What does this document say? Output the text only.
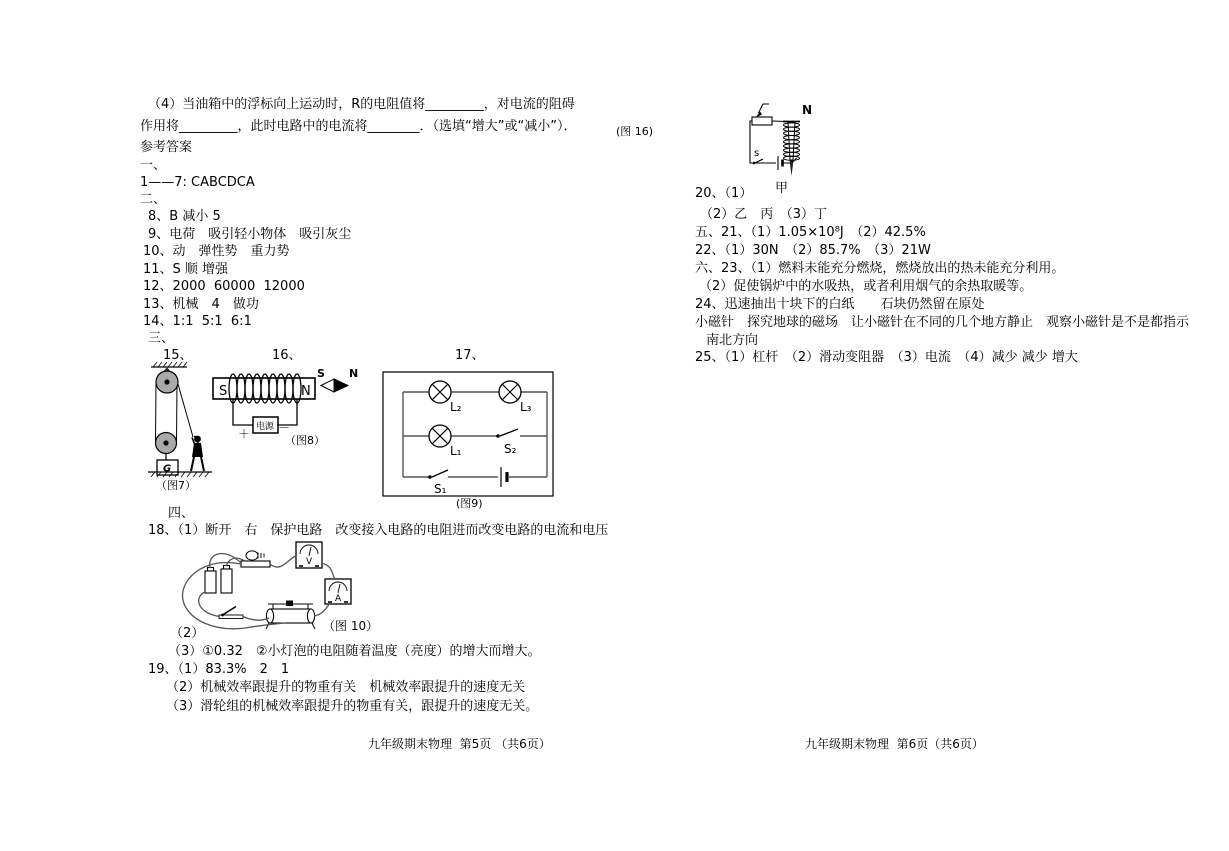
（4）当油箱中的浮标向上运动时，R的电阻值将_________，对电流的阻碍
作用将_________，此时电路中的电流将________．（选填“增大”或“减小”）．	(图 16)
参考答案
一、
1——7: CABCDCA
二、
8、B 减小 5
9、电荷　吸引轻小物体　吸引灰尘
10、动　弹性势　重力势
11、S 顺 增强
12、2000  60000  12000
13、机械　4　做功
14、1:1  5:1  6:1
三、
15、	16、	17、
四、
18、（1）断开　右　保护电路　改变接入电路的电阻进而改变电路的电流和电压
（2）
（3）①0.32　②小灯泡的电阻随着温度（亮度）的增大而增大。
19、（1）83.3%　2　1
（2）机械效率跟提升的物重有关　机械效率跟提升的速度无关
（3）滑轮组的机械效率跟提升的物重有关，跟提升的速度无关。
九年级期末物理  第5页 （共6页）
G
（图7）
S	N
S N
电源
＋ －
（图8）
L₂	L₃
L₁	S₂
S₁
(图9)
V
A
（图 10）
s
N
甲
20、（1）
（2）乙　丙　（3）丁
五、21、（1）1.05×10⁸J　（2）42.5%
22、（1）30N　（2）85.7%　（3）21W
六、23、（1）燃料未能充分燃烧，燃烧放出的热未能充分利用。
（2）促使锅炉中的水吸热，或者利用烟气的余热取暖等。
24、迅速抽出十块下的白纸　　石块仍然留在原处
小磁针　探究地球的磁场　让小磁针在不同的几个地方静止　观察小磁针是不是都指示
南北方向
25、（1）杠杆　（2）滑动变阻器　（3）电流　（4）减少 减少 增大
九年级期末物理  第6页（共6页）
